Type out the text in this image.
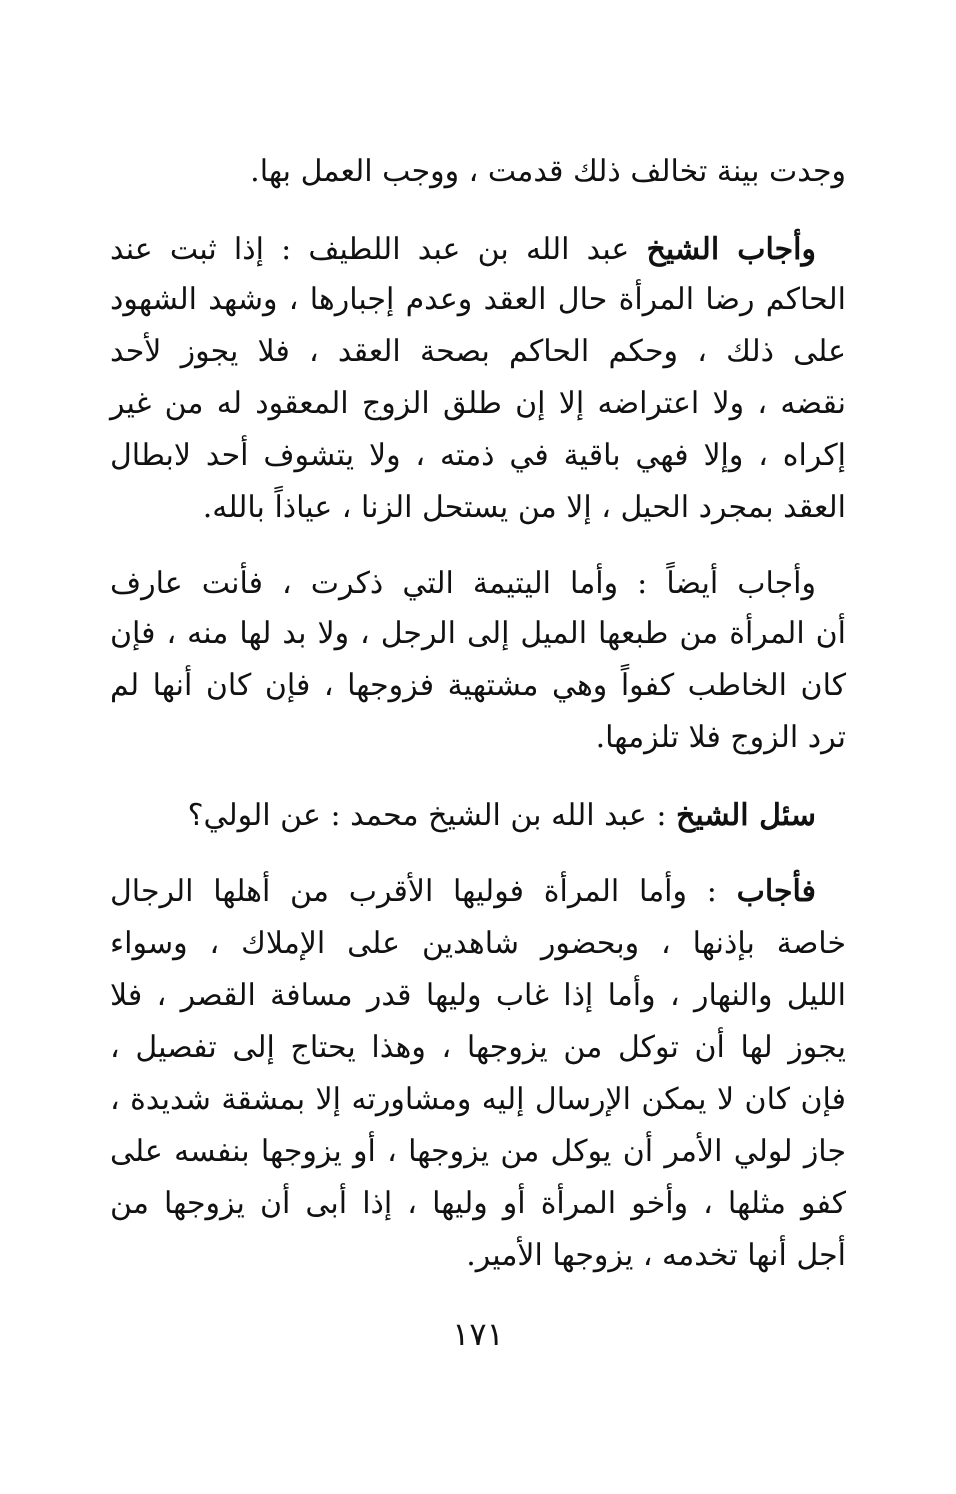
وجدت بينة تخالف ذلك قدمت ، ووجب العمل بها.
وأجاب الشيخ عبد الله بن عبد اللطيف : إذا ثبت عند
الحاكم رضا المرأة حال العقد وعدم إجبارها ، وشهد الشهود
على ذلك ، وحكم الحاكم بصحة العقد ، فلا يجوز لأحد
نقضه ، ولا اعتراضه إلا إن طلق الزوج المعقود له من غير
إكراه ، وإلا فهي باقية في ذمته ، ولا يتشوف أحد لابطال
العقد بمجرد الحيل ، إلا من يستحل الزنا ، عياذاً بالله.
وأجاب أيضاً : وأما اليتيمة التي ذكرت ، فأنت عارف
أن المرأة من طبعها الميل إلى الرجل ، ولا بد لها منه ، فإن
كان الخاطب كفواً وهي مشتهية فزوجها ، فإن كان أنها لم
ترد الزوج فلا تلزمها.
سئل الشيخ : عبد الله بن الشيخ محمد : عن الولي؟
فأجاب : وأما المرأة فوليها الأقرب من أهلها الرجال
خاصة بإذنها ، وبحضور شاهدين على الإملاك ، وسواء
الليل والنهار ، وأما إذا غاب وليها قدر مسافة القصر ، فلا
يجوز لها أن توكل من يزوجها ، وهذا يحتاج إلى تفصيل ،
فإن كان لا يمكن الإرسال إليه ومشاورته إلا بمشقة شديدة ،
جاز لولي الأمر أن يوكل من يزوجها ، أو يزوجها بنفسه على
كفو مثلها ، وأخو المرأة أو وليها ، إذا أبى أن يزوجها من
أجل أنها تخدمه ، يزوجها الأمير.
١٧١
